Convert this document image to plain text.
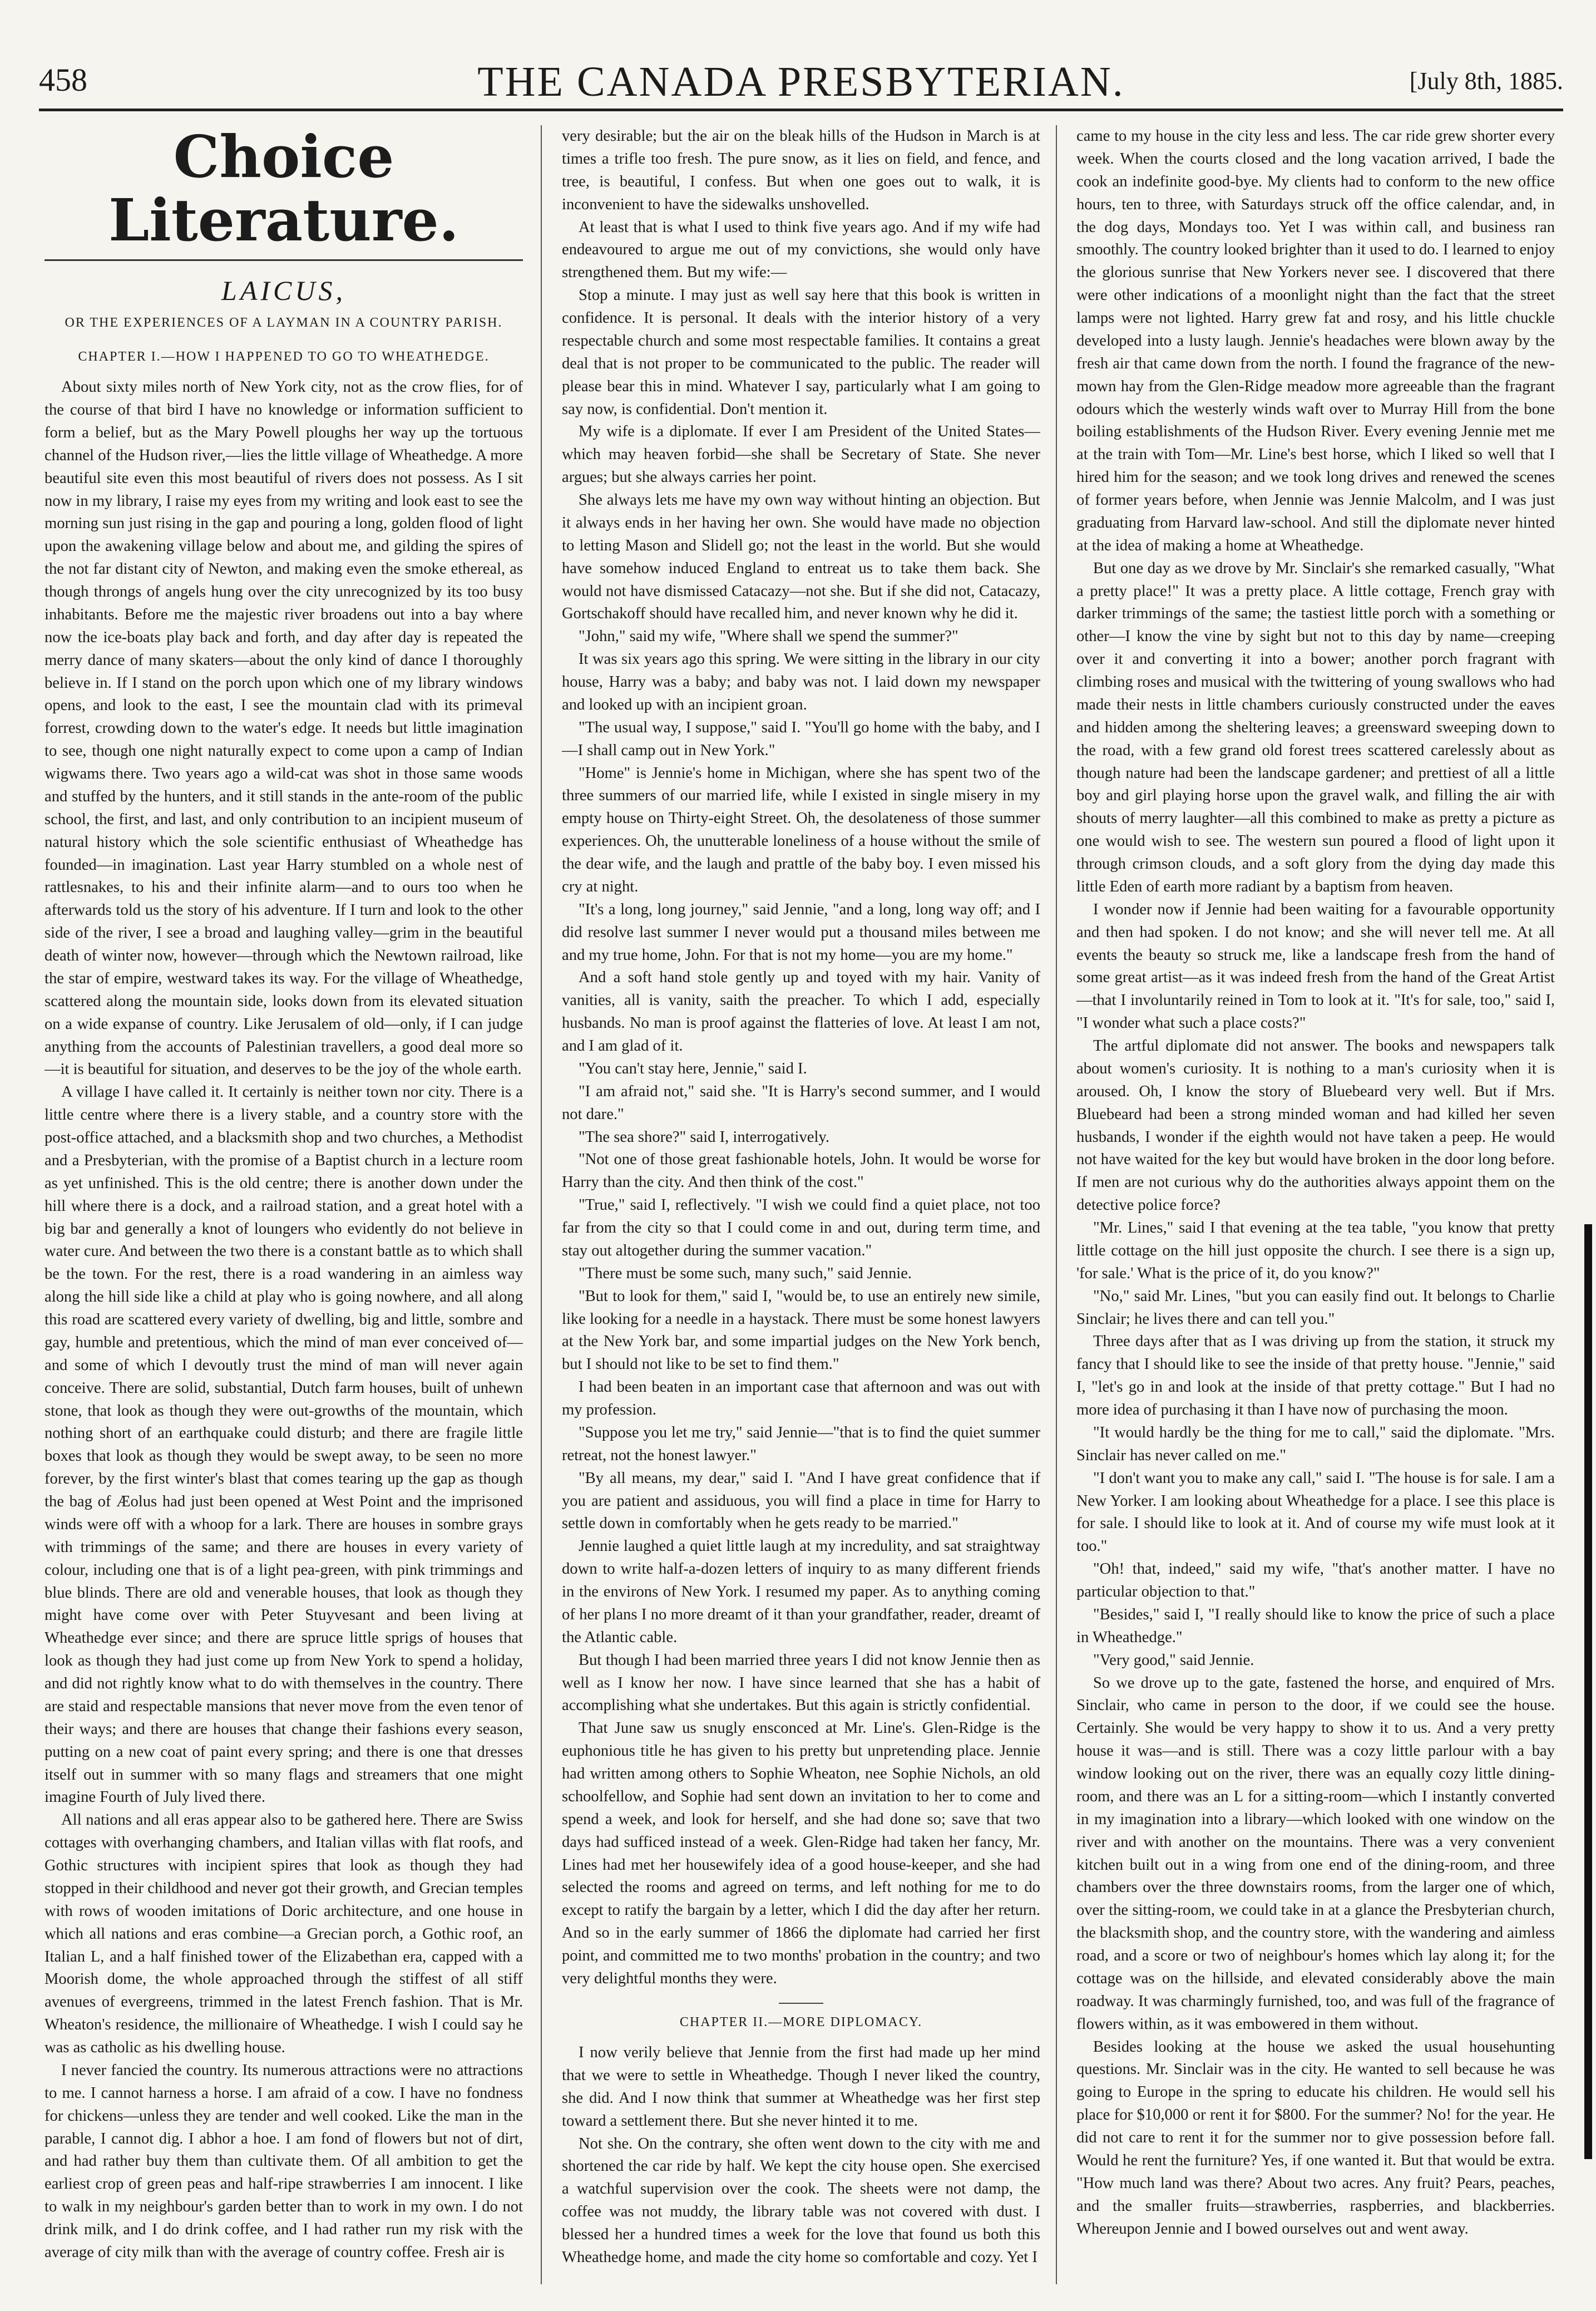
458	THE CANADA PRESBYTERIAN.	[July 8th, 1885.
Choice Literature.
LAICUS,
OR THE EXPERIENCES OF A LAYMAN IN A COUNTRY PARISH.
CHAPTER I.—HOW I HAPPENED TO GO TO WHEATHEDGE.

About sixty miles north of New York city, not as the crow flies, for of the course of that bird I have no knowledge or information sufficient to form a belief, but as the Mary Powell ploughs her way up the tortuous channel of the Hudson river,—lies the little village of Wheathedge. A more beautiful site even this most beautiful of rivers does not possess. As I sit now in my library, I raise my eyes from my writing and look east to see the morning sun just rising in the gap and pouring a long, golden flood of light upon the awakening village below and about me, and gilding the spires of the not far distant city of Newton, and making even the smoke ethereal, as though throngs of angels hung over the city unrecognized by its too busy inhabitants. Before me the majestic river broadens out into a bay where now the ice-boats play back and forth, and day after day is repeated the merry dance of many skaters—about the only kind of dance I thoroughly believe in. If I stand on the porch upon which one of my library windows opens, and look to the east, I see the mountain clad with its primeval forrest, crowding down to the water's edge. It needs but little imagination to see, though one night naturally expect to come upon a camp of Indian wigwams there. Two years ago a wild-cat was shot in those same woods and stuffed by the hunters, and it still stands in the ante-room of the public school, the first, and last, and only contribution to an incipient museum of natural history which the sole scientific enthusiast of Wheathedge has founded—in imagination. Last year Harry stumbled on a whole nest of rattlesnakes, to his and their infinite alarm—and to ours too when he afterwards told us the story of his adventure. If I turn and look to the other side of the river, I see a broad and laughing valley—grim in the beautiful death of winter now, however—through which the Newtown railroad, like the star of empire, westward takes its way. For the village of Wheathedge, scattered along the mountain side, looks down from its elevated situation on a wide expanse of country. Like Jerusalem of old—only, if I can judge anything from the accounts of Palestinian travellers, a good deal more so—it is beautiful for situation, and deserves to be the joy of the whole earth.

A village I have called it. It certainly is neither town nor city. There is a little centre where there is a livery stable, and a country store with the post-office attached, and a blacksmith shop and two churches, a Methodist and a Presbyterian, with the promise of a Baptist church in a lecture room as yet unfinished. This is the old centre; there is another down under the hill where there is a dock, and a railroad station, and a great hotel with a big bar and generally a knot of loungers who evidently do not believe in water cure. And between the two there is a constant battle as to which shall be the town. For the rest, there is a road wandering in an aimless way along the hill side like a child at play who is going nowhere, and all along this road are scattered every variety of dwelling, big and little, sombre and gay, humble and pretentious, which the mind of man ever conceived of—and some of which I devoutly trust the mind of man will never again conceive. There are solid, substantial, Dutch farm houses, built of unhewn stone, that look as though they were out-growths of the mountain, which nothing short of an earthquake could disturb; and there are fragile little boxes that look as though they would be swept away, to be seen no more forever, by the first winter's blast that comes tearing up the gap as though the bag of Æolus had just been opened at West Point and the imprisoned winds were off with a whoop for a lark. There are houses in sombre grays with trimmings of the same; and there are houses in every variety of colour, including one that is of a light pea-green, with pink trimmings and blue blinds. There are old and venerable houses, that look as though they might have come over with Peter Stuyvesant and been living at Wheathedge ever since; and there are spruce little sprigs of houses that look as though they had just come up from New York to spend a holiday, and did not rightly know what to do with themselves in the country. There are staid and respectable mansions that never move from the even tenor of their ways; and there are houses that change their fashions every season, putting on a new coat of paint every spring; and there is one that dresses itself out in summer with so many flags and streamers that one might imagine Fourth of July lived there.

All nations and all eras appear also to be gathered here. There are Swiss cottages with overhanging chambers, and Italian villas with flat roofs, and Gothic structures with incipient spires that look as though they had stopped in their childhood and never got their growth, and Grecian temples with rows of wooden imitations of Doric architecture, and one house in which all nations and eras combine—a Grecian porch, a Gothic roof, an Italian L, and a half finished tower of the Elizabethan era, capped with a Moorish dome, the whole approached through the stiffest of all stiff avenues of evergreens, trimmed in the latest French fashion. That is Mr. Wheaton's residence, the millionaire of Wheathedge. I wish I could say he was as catholic as his dwelling house.

I never fancied the country. Its numerous attractions were no attractions to me. I cannot harness a horse. I am afraid of a cow. I have no fondness for chickens—unless they are tender and well cooked. Like the man in the parable, I cannot dig. I abhor a hoe. I am fond of flowers but not of dirt, and had rather buy them than cultivate them. Of all ambition to get the earliest crop of green peas and half-ripe strawberries I am innocent. I like to walk in my neighbour's garden better than to work in my own. I do not drink milk, and I do drink coffee, and I had rather run my risk with the average of city milk than with the average of country coffee. Fresh air is

very desirable; but the air on the bleak hills of the Hudson in March is at times a trifle too fresh. The pure snow, as it lies on field, and fence, and tree, is beautiful, I confess. But when one goes out to walk, it is inconvenient to have the sidewalks unshovelled.

At least that is what I used to think five years ago. And if my wife had endeavoured to argue me out of my convictions, she would only have strengthened them. But my wife:—

Stop a minute. I may just as well say here that this book is written in confidence. It is personal. It deals with the interior history of a very respectable church and some most respectable families. It contains a great deal that is not proper to be communicated to the public. The reader will please bear this in mind. Whatever I say, particularly what I am going to say now, is confidential. Don't mention it.

My wife is a diplomate. If ever I am President of the United States—which may heaven forbid—she shall be Secretary of State. She never argues; but she always carries her point.

She always lets me have my own way without hinting an objection. But it always ends in her having her own. She would have made no objection to letting Mason and Slidell go; not the least in the world. But she would have somehow induced England to entreat us to take them back. She would not have dismissed Catacazy—not she. But if she did not, Catacazy, Gortschakoff should have recalled him, and never known why he did it.

"John," said my wife, "Where shall we spend the summer?"

It was six years ago this spring. We were sitting in the library in our city house, Harry was a baby; and baby was not. I laid down my newspaper and looked up with an incipient groan.

"The usual way, I suppose," said I. "You'll go home with the baby, and I—I shall camp out in New York."

"Home" is Jennie's home in Michigan, where she has spent two of the three summers of our married life, while I existed in single misery in my empty house on Thirty-eight Street. Oh, the desolateness of those summer experiences. Oh, the unutterable loneliness of a house without the smile of the dear wife, and the laugh and prattle of the baby boy. I even missed his cry at night.

"It's a long, long journey," said Jennie, "and a long, long way off; and I did resolve last summer I never would put a thousand miles between me and my true home, John. For that is not my home—you are my home."

And a soft hand stole gently up and toyed with my hair. Vanity of vanities, all is vanity, saith the preacher. To which I add, especially husbands. No man is proof against the flatteries of love. At least I am not, and I am glad of it.

"You can't stay here, Jennie," said I.

"I am afraid not," said she. "It is Harry's second summer, and I would not dare."

"The sea shore?" said I, interrogatively.

"Not one of those great fashionable hotels, John. It would be worse for Harry than the city. And then think of the cost."

"True," said I, reflectively. "I wish we could find a quiet place, not too far from the city so that I could come in and out, during term time, and stay out altogether during the summer vacation."

"There must be some such, many such," said Jennie.

"But to look for them," said I, "would be, to use an entirely new simile, like looking for a needle in a haystack. There must be some honest lawyers at the New York bar, and some impartial judges on the New York bench, but I should not like to be set to find them."

I had been beaten in an important case that afternoon and was out with my profession.

"Suppose you let me try," said Jennie—"that is to find the quiet summer retreat, not the honest lawyer."

"By all means, my dear," said I. "And I have great confidence that if you are patient and assiduous, you will find a place in time for Harry to settle down in comfortably when he gets ready to be married."

Jennie laughed a quiet little laugh at my incredulity, and sat straightway down to write half-a-dozen letters of inquiry to as many different friends in the environs of New York. I resumed my paper. As to anything coming of her plans I no more dreamt of it than your grandfather, reader, dreamt of the Atlantic cable.

But though I had been married three years I did not know Jennie then as well as I know her now. I have since learned that she has a habit of accomplishing what she undertakes. But this again is strictly confidential.

That June saw us snugly ensconced at Mr. Line's. Glen-Ridge is the euphonious title he has given to his pretty but unpretending place. Jennie had written among others to Sophie Wheaton, nee Sophie Nichols, an old schoolfellow, and Sophie had sent down an invitation to her to come and spend a week, and look for herself, and she had done so; save that two days had sufficed instead of a week. Glen-Ridge had taken her fancy, Mr. Lines had met her housewifely idea of a good house-keeper, and she had selected the rooms and agreed on terms, and left nothing for me to do except to ratify the bargain by a letter, which I did the day after her return. And so in the early summer of 1866 the diplomate had carried her first point, and committed me to two months' probation in the country; and two very delightful months they were.

CHAPTER II.—MORE DIPLOMACY.

I now verily believe that Jennie from the first had made up her mind that we were to settle in Wheathedge. Though I never liked the country, she did. And I now think that summer at Wheathedge was her first step toward a settlement there. But she never hinted it to me.

Not she. On the contrary, she often went down to the city with me and shortened the car ride by half. We kept the city house open. She exercised a watchful supervision over the cook. The sheets were not damp, the coffee was not muddy, the library table was not covered with dust. I blessed her a hundred times a week for the love that found us both this Wheathedge home, and made the city home so comfortable and cozy. Yet I

came to my house in the city less and less. The car ride grew shorter every week. When the courts closed and the long vacation arrived, I bade the cook an indefinite good-bye. My clients had to conform to the new office hours, ten to three, with Saturdays struck off the office calendar, and, in the dog days, Mondays too. Yet I was within call, and business ran smoothly. The country looked brighter than it used to do. I learned to enjoy the glorious sunrise that New Yorkers never see. I discovered that there were other indications of a moonlight night than the fact that the street lamps were not lighted. Harry grew fat and rosy, and his little chuckle developed into a lusty laugh. Jennie's headaches were blown away by the fresh air that came down from the north. I found the fragrance of the new-mown hay from the Glen-Ridge meadow more agreeable than the fragrant odours which the westerly winds waft over to Murray Hill from the bone boiling establishments of the Hudson River. Every evening Jennie met me at the train with Tom—Mr. Line's best horse, which I liked so well that I hired him for the season; and we took long drives and renewed the scenes of former years before, when Jennie was Jennie Malcolm, and I was just graduating from Harvard law-school. And still the diplomate never hinted at the idea of making a home at Wheathedge.

But one day as we drove by Mr. Sinclair's she remarked casually, "What a pretty place!" It was a pretty place. A little cottage, French gray with darker trimmings of the same; the tastiest little porch with a something or other—I know the vine by sight but not to this day by name—creeping over it and converting it into a bower; another porch fragrant with climbing roses and musical with the twittering of young swallows who had made their nests in little chambers curiously constructed under the eaves and hidden among the sheltering leaves; a greensward sweeping down to the road, with a few grand old forest trees scattered carelessly about as though nature had been the landscape gardener; and prettiest of all a little boy and girl playing horse upon the gravel walk, and filling the air with shouts of merry laughter—all this combined to make as pretty a picture as one would wish to see. The western sun poured a flood of light upon it through crimson clouds, and a soft glory from the dying day made this little Eden of earth more radiant by a baptism from heaven.

I wonder now if Jennie had been waiting for a favourable opportunity and then had spoken. I do not know; and she will never tell me. At all events the beauty so struck me, like a landscape fresh from the hand of some great artist—as it was indeed fresh from the hand of the Great Artist—that I involuntarily reined in Tom to look at it. "It's for sale, too," said I, "I wonder what such a place costs?"

The artful diplomate did not answer. The books and newspapers talk about women's curiosity. It is nothing to a man's curiosity when it is aroused. Oh, I know the story of Bluebeard very well. But if Mrs. Bluebeard had been a strong minded woman and had killed her seven husbands, I wonder if the eighth would not have taken a peep. He would not have waited for the key but would have broken in the door long before. If men are not curious why do the authorities always appoint them on the detective police force?

"Mr. Lines," said I that evening at the tea table, "you know that pretty little cottage on the hill just opposite the church. I see there is a sign up, 'for sale.' What is the price of it, do you know?"

"No," said Mr. Lines, "but you can easily find out. It belongs to Charlie Sinclair; he lives there and can tell you."

Three days after that as I was driving up from the station, it struck my fancy that I should like to see the inside of that pretty house. "Jennie," said I, "let's go in and look at the inside of that pretty cottage." But I had no more idea of purchasing it than I have now of purchasing the moon.

"It would hardly be the thing for me to call," said the diplomate. "Mrs. Sinclair has never called on me."

"I don't want you to make any call," said I. "The house is for sale. I am a New Yorker. I am looking about Wheathedge for a place. I see this place is for sale. I should like to look at it. And of course my wife must look at it too."

"Oh! that, indeed," said my wife, "that's another matter. I have no particular objection to that."

"Besides," said I, "I really should like to know the price of such a place in Wheathedge."

"Very good," said Jennie.

So we drove up to the gate, fastened the horse, and enquired of Mrs. Sinclair, who came in person to the door, if we could see the house. Certainly. She would be very happy to show it to us. And a very pretty house it was—and is still. There was a cozy little parlour with a bay window looking out on the river, there was an equally cozy little dining-room, and there was an L for a sitting-room—which I instantly converted in my imagination into a library—which looked with one window on the river and with another on the mountains. There was a very convenient kitchen built out in a wing from one end of the dining-room, and three chambers over the three downstairs rooms, from the larger one of which, over the sitting-room, we could take in at a glance the Presbyterian church, the blacksmith shop, and the country store, with the wandering and aimless road, and a score or two of neighbour's homes which lay along it; for the cottage was on the hillside, and elevated considerably above the main roadway. It was charmingly furnished, too, and was full of the fragrance of flowers within, as it was embowered in them without.

Besides looking at the house we asked the usual househunting questions. Mr. Sinclair was in the city. He wanted to sell because he was going to Europe in the spring to educate his children. He would sell his place for $10,000 or rent it for $800. For the summer? No! for the year. He did not care to rent it for the summer nor to give possession before fall. Would he rent the furniture? Yes, if one wanted it. But that would be extra. "How much land was there? About two acres. Any fruit? Pears, peaches, and the smaller fruits—strawberries, raspberries, and blackberries. Whereupon Jennie and I bowed ourselves out and went away.
